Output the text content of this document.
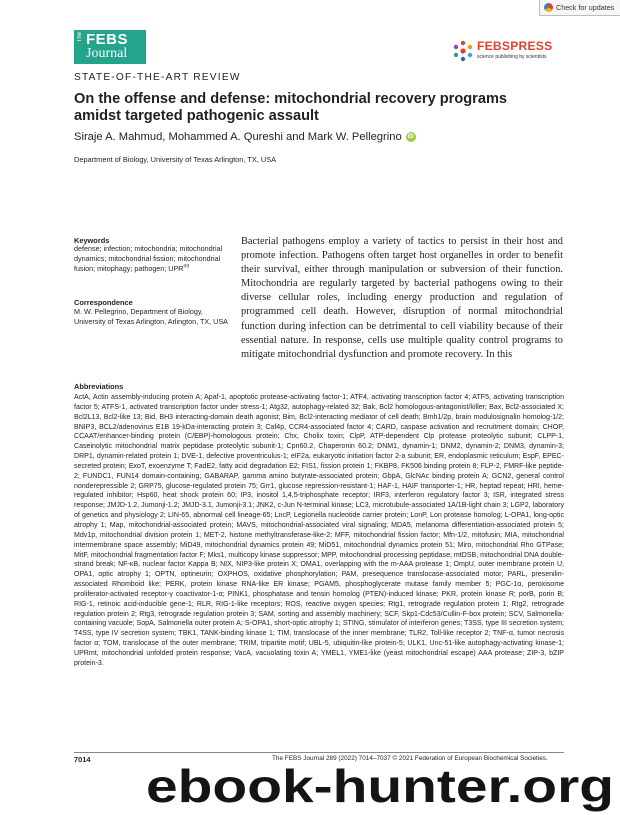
Check for updates
The FEBS
Journal	FEBSPRESS
science publishing by scientists
STATE-OF-THE-ART REVIEW
On the offense and defense: mitochondrial recovery programs amidst targeted pathogenic assault
Siraje A. Mahmud, Mohammed A. Qureshi and Mark W. Pellegrino	iD
Department of Biology, University of Texas Arlington, TX, USA
Keywords
defense; infection; mitochondria; mitochondrial dynamics; mitochondrial fission; mitochondrial fusion; mitophagy; pathogen; $UPR^{mt}$
Correspondence
M. W. Pellegrino, Department of Biology, University of Texas Arlington, Arlington, TX, USA

Bacterial pathogens employ a variety of tactics to persist in their host and promote infection. Pathogens often target host organelles in order to benefit their survival, either through manipulation or subversion of their function. Mitochondria are regularly targeted by bacterial pathogens owing to their diverse cellular roles, including energy production and regulation of programmed cell death. However, disruption of normal mitochondrial function during infection can be detrimental to cell viability because of their essential nature. In response, cells use multiple quality control programs to mitigate mitochondrial dysfunction and promote recovery. In this

Abbreviations

ActA, Actin assembly-inducing protein A; Apaf-1, apoptotic protease-activating factor-1; ATF4, activating transcription factor 4; ATF5, activating transcription factor 5; ATFS-1, activated transcription factor under stress-1; Atg32, autophagy-related 32; Bak, Bcl2 homologous-antagonist/killer; Bax, Bcl2-associated X; Bcl2L13, Bcl2-like 13; Bid, BH3 interacting-domain death agonist; Bim, Bcl2-interacting mediator of cell death; Bmh1/2p, brain modulosignalin homolog-1/2; BNIP3, BCL2/adenovirus E1B 19-kDa-interacting protein 3; Caf4p, CCR4-associated factor 4; CARD, caspase activation and recruitment domain; CHOP, CCAAT/enhancer-binding protein (C/EBP)-homologous protein; Chx, Cholix toxin; ClpP, ATP-dependent Clp protease proteolytic subunit; CLPP-1, Caseinolytic mitochondrial matrix peptidase proteolytic subunit-1; Cpn60.2, Chaperonin 60.2; DNM1, dynamin-1; DNM2, dynamin-2; DNM3, dynamin-3; DRP1, dynamin-related protein 1; DVE-1, defective proventriculus-1; eIF2a, eukaryotic initiation factor 2-a subunit; ER, endoplasmic reticulum; EspF, EPEC-secreted protein; ExoT, exoenzyme T; FadE2, fatty acid degradation E2; FIS1, fission protein 1; FKBP8, FK506 binding protein 8; FLP-2, FMRF-like peptide-2; FUNDC1, FUN14 domain-containing; GABARAP, gamma amino butyrate-associated protein; GbpA, GlcNAc binding protein A; GCN2, general control nonderepressible 2; GRP75, glucose-regulated protein 75; Grr1, glucose repression-resistant-1; HAF-1, HAIF transporter-1; HR, heptad repeat; HRI, heme-regulated inhibitor; Hsp60, heat shock protein 60; IP3, inositol 1,4,5-triphosphate receptor; IRF3, interferon regulatory factor 3; ISR, integrated stress response; JMJD-1.2, Jumonji-1.2; JMJD-3.1, Jumonji-3.1; JNK2, c-Jun N-terminal kinase; LC3, microtubule-associated 1A/1B-light chain 3; LGP2, laboratory of genetics and physiology 2; LIN-65, abnormal cell lineage-65; LncP, Legionella nucleotide carrier protein; LonP, Lon protease homolog; L-OPA1, long-optic atrophy 1; Map, mitochondrial-associated protein; MAVS, mitochondrial-associated viral signaling; MDA5, melanoma differentiation-associated protein 5; Mdv1p, mitochondrial division protein 1; MET-2, histone methyltransferase-like-2; MFF, mitochondrial fission factor; Mfn-1/2, mitofusin; MIA, mitochondrial intermembrane space assembly; MiD49, mitochondrial dynamics protein 49; MiD51, mitochondrial dynamics protein 51; Miro, mitochondrial Rho GTPase; MitF, mitochondrial fragmentation factor F; Mks1, multicopy kinase suppressor; MPP, mitochondrial processing peptidase; mtDSB, mitochondrial DNA double-strand break; NF-κB, nuclear factor Kappa B; NIX, NIP3-like protein X; OMA1, overlapping with the m-AAA protease 1; OmpU, outer membrane protein U; OPA1, optic atrophy 1; OPTN, optineurin; OXPHOS, oxidative phosphorylation; PAM, presequence translocase-associated motor; PARL, presenilin-associated Rhomboid like; PERK, protein kinase RNA-like ER kinase; PGAM5, phosphoglycerate mutase family member 5; PGC-1α, peroxisome proliferator-activated receptor-γ coactivator-1-α; PINK1, phosphatase and tensin homolog (PTEN)-induced kinase; PKR, protein kinase R; porB, porin B; RIG-1, retinoic acid-inducible gene-1; RLR, RIG-1-like receptors; ROS, reactive oxygen species; Rtg1, retrograde regulation protein 1; Rtg2, retrograde regulation protein 2; Rtg3, retrograde regulation protein 3; SAM, sorting and assembly machinery; SCF, Skp1-Cdc53/Cullin-F-box protein; SCV, Salmonella-containing vacuole; SopA, Salmonella outer protein A; S-OPA1, short-optic atrophy 1; STING, stimulator of interferon genes; T3SS, type III secretion system; T4SS, type IV secretion system; TBK1, TANK-binding kinase 1; TIM, translocase of the inner membrane; TLR2, Toll-like receptor 2; TNF-α, tumor necrosis factor α; TOM, translocase of the outer membrane; TRIM, tripartite motif; UBL-5, ubiquitin-like protein-5; ULK1, Unc-51-like autophagy-activating kinase-1; UPRmt, mitochondrial unfolded protein response; VacA, vacuolating toxin A; YMEL1, YME1-like (yeast mitochondrial escape) AAA protease; ZIP-3, bZIP protein-3.

7014	The FEBS Journal 289 (2022) 7014–7037 © 2021 Federation of European Biochemical Societies.
ebook-hunter.org
